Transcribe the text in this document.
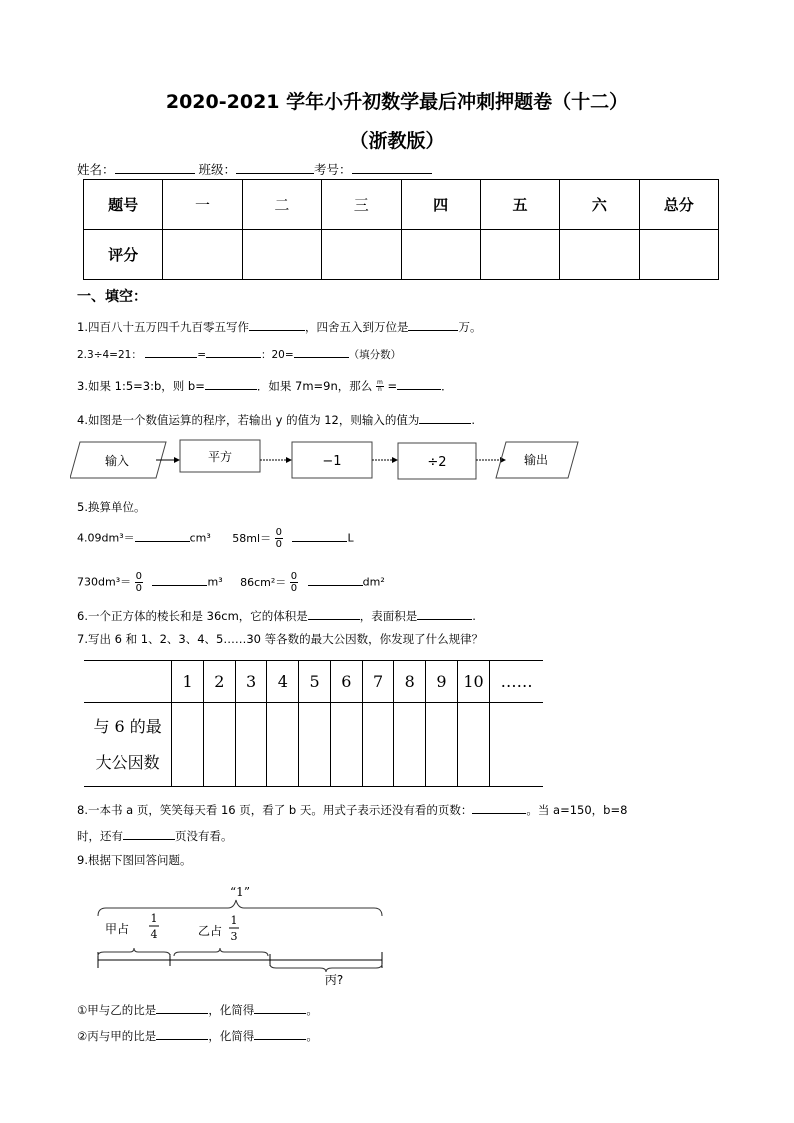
2020-2021 学年小升初数学最后冲刺押题卷（十二）
（浙教版）
姓名：	班级：	考号：
题号	一	二	三	四	五	六	总分
评分							
一、填空：
1.四百八十五万四千九百零五写作	，四舍五入到万位是	万。
2.3÷4=21：	=	：20=	（填分数）
3.如果 1:5=3:b，则 b=	．如果 7m=9n，那么 $\frac{m}{n}$ =	．
4.如图是一个数值运算的程序，若输出 y 的值为 12，则输入的值为	.
输入	平方	−1	÷2	输出
5.换算单位。
4.09dm³＝	cm³ $58ml= \frac{0}{0}$	L
$730dm^3= \frac{0}{0}$	m³ $86cm^2= \frac{0}{0}$	dm²
6.一个正方体的棱长和是 36cm，它的体积是	，表面积是	.
7.写出 6 和 1、2、3、4、5……30 等各数的最大公因数，你发现了什么规律？
	1	2	3	4	5	6	7	8	9	10	……
与 6 的最
大公因数											
8.一本书 a 页，笑笑每天看 16 页，看了 b 天。用式子表示还没有看的页数：	。当 a=150，b=8
时，还有	页没有看。
9.根据下图回答问题。
“1”
甲占
1
4	乙占
1
3
丙?
①甲与乙的比是	，化简得	。
②丙与甲的比是	，化简得	。
